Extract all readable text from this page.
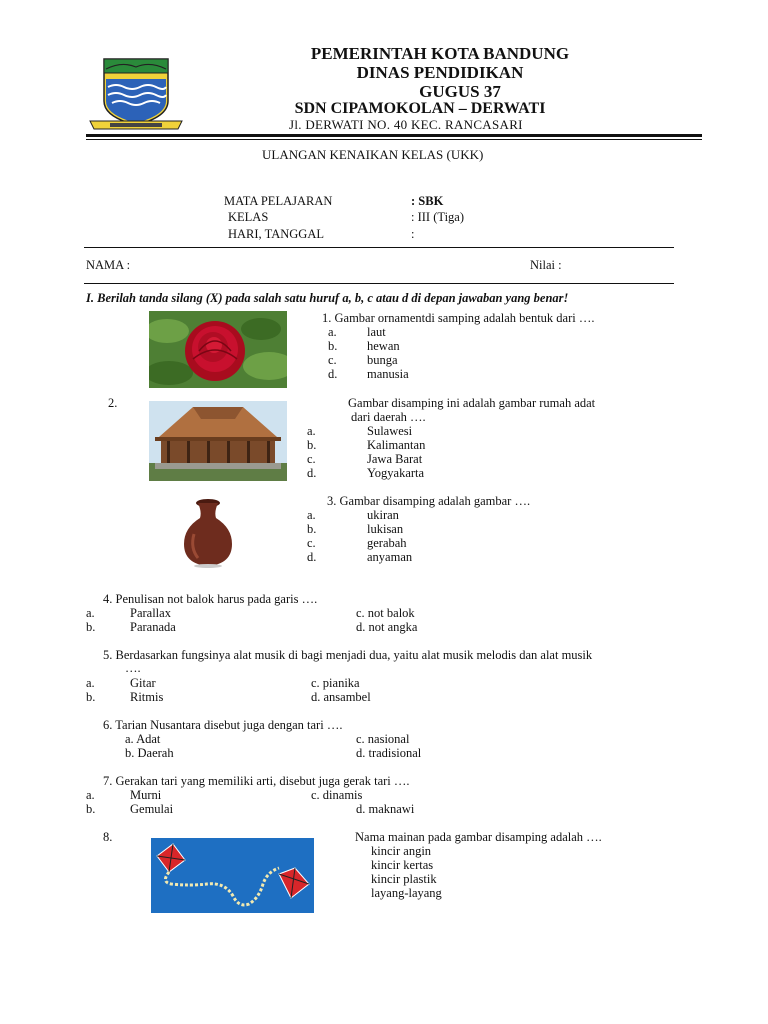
PEMERINTAH KOTA BANDUNG
DINAS PENDIDIKAN
GUGUS 37
SDN CIPAMOKOLAN – DERWATI
Jl. DERWATI NO. 40 KEC. RANCASARI
ULANGAN KENAIKAN KELAS (UKK)
MATA PELAJARAN	: SBK
KELAS	: III (Tiga)
HARI, TANGGAL	:
NAMA :	Nilai :
I. Berilah tanda silang (X) pada salah satu huruf a, b, c atau d di depan jawaban yang benar!
1. Gambar ornamentdi samping adalah bentuk dari ….
a. laut
b. hewan
c. bunga
d. manusia
2.	Gambar disamping ini adalah gambar rumah adat
dari daerah ….
a.	Sulawesi
b.	Kalimantan
c.	Jawa Barat
d.	Yogyakarta
3. Gambar disamping adalah gambar ….
a.	ukiran
b.	lukisan
c.	gerabah
d.	anyaman
4. Penulisan not balok harus pada garis ….
a.	Parallax	c. not balok
b.	Paranada	d. not angka
5. Berdasarkan fungsinya alat musik di bagi menjadi dua, yaitu alat musik melodis dan alat musik
….
a.	Gitar	c. pianika
b.	Ritmis	d. ansambel
6. Tarian Nusantara disebut juga dengan tari ….
a. Adat	c. nasional
b. Daerah	d. tradisional
7. Gerakan tari yang memiliki arti, disebut juga gerak tari ….
a.	Murni	c. dinamis
b.	Gemulai	d. maknawi
8.	Nama mainan pada gambar disamping adalah ….
kincir angin
kincir kertas
kincir plastik
layang-layang
